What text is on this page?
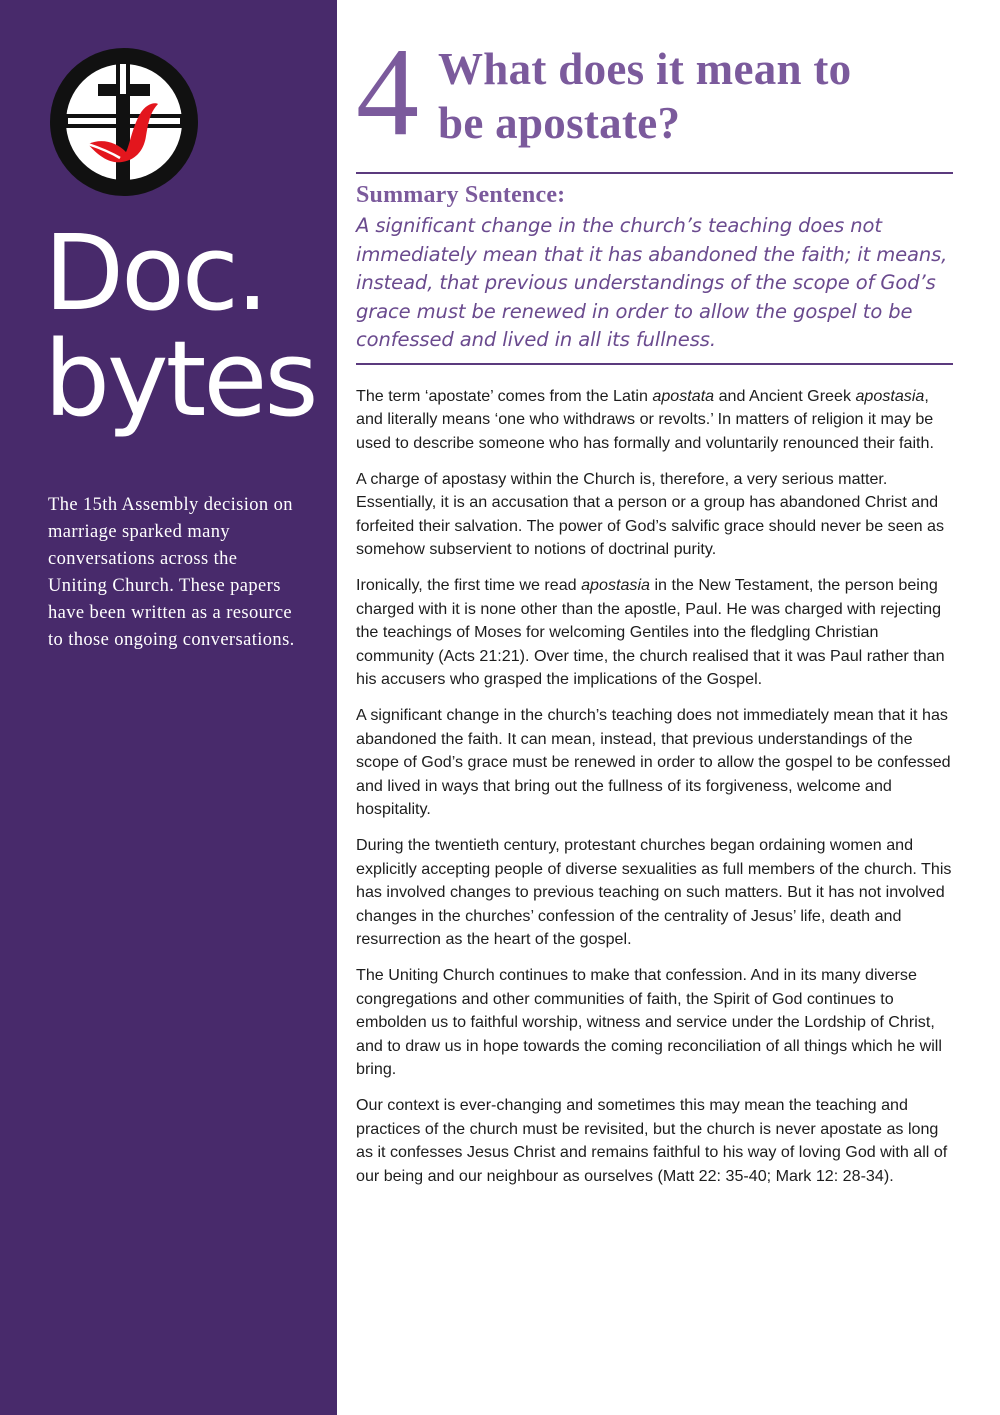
Doc.
bytes

The 15th Assembly decision on marriage sparked many conversations across the Uniting Church. These papers have been written as a resource to those ongoing conversations.

4 What does it mean to
be apostate?
Summary Sentence:

A significant change in the church’s teaching does not immediately mean that it has abandoned the faith; it means, instead, that previous understandings of the scope of God’s grace must be renewed in order to allow the gospel to be confessed and lived in all its fullness.

The term ‘apostate’ comes from the Latin apostata and Ancient Greek apostasia, and literally means ‘one who withdraws or revolts.’ In matters of religion it may be used to describe someone who has formally and voluntarily renounced their faith.

A charge of apostasy within the Church is, therefore, a very serious matter. Essentially, it is an accusation that a person or a group has abandoned Christ and forfeited their salvation. The power of God’s salvific grace should never be seen as somehow subservient to notions of doctrinal purity.

Ironically, the first time we read apostasia in the New Testament, the person being charged with it is none other than the apostle, Paul. He was charged with rejecting the teachings of Moses for welcoming Gentiles into the fledgling Christian community (Acts 21:21). Over time, the church realised that it was Paul rather than his accusers who grasped the implications of the Gospel.

A significant change in the church’s teaching does not immediately mean that it has abandoned the faith. It can mean, instead, that previous understandings of the scope of God’s grace must be renewed in order to allow the gospel to be confessed and lived in ways that bring out the fullness of its forgiveness, welcome and hospitality.

During the twentieth century, protestant churches began ordaining women and explicitly accepting people of diverse sexualities as full members of the church. This has involved changes to previous teaching on such matters. But it has not involved changes in the churches’ confession of the centrality of Jesus’ life, death and resurrection as the heart of the gospel.

The Uniting Church continues to make that confession. And in its many diverse congregations and other communities of faith, the Spirit of God continues to embolden us to faithful worship, witness and service under the Lordship of Christ, and to draw us in hope towards the coming reconciliation of all things which he will bring.

Our context is ever-changing and sometimes this may mean the teaching and practices of the church must be revisited, but the church is never apostate as long as it confesses Jesus Christ and remains faithful to his way of loving God with all of our being and our neighbour as ourselves (Matt 22: 35-40; Mark 12: 28-34).
